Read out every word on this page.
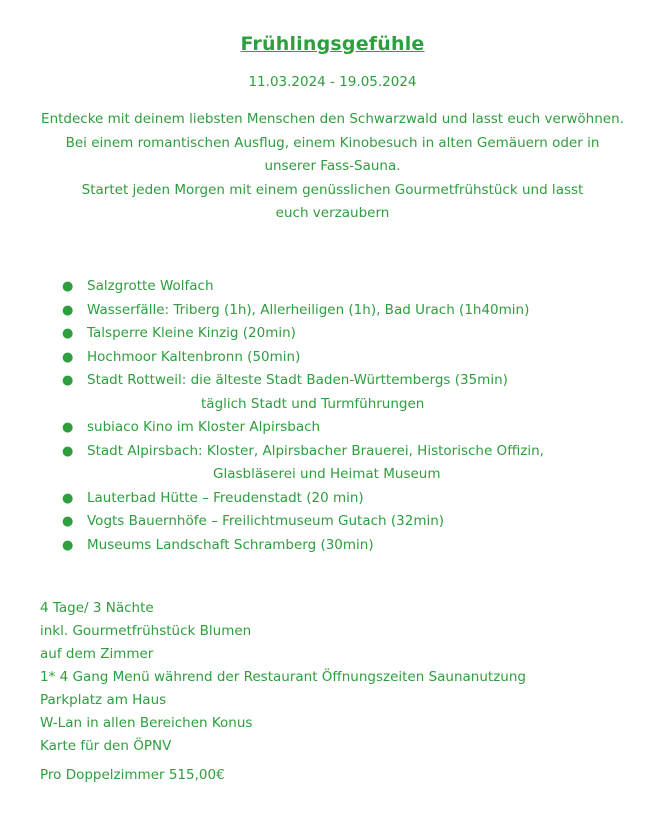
Frühlingsgefühle
11.03.2024 - 19.05.2024

Entdecke mit deinem liebsten Menschen den Schwarzwald und lasst euch verwöhnen. Bei einem romantischen Ausflug, einem Kinobesuch in alten Gemäuern oder in unserer Fass-Sauna.

Startet jeden Morgen mit einem genüsslichen Gourmetfrühstück und lasst euch verzaubern

● Salzgrotte Wolfach
● Wasserfälle: Triberg (1h), Allerheiligen (1h), Bad Urach (1h40min)
● Talsperre Kleine Kinzig (20min)
● Hochmoor Kaltenbronn (50min)
● Stadt Rottweil: die älteste Stadt Baden-Württembergs (35min)
täglich Stadt und Turmführungen
● subiaco Kino im Kloster Alpirsbach
● Stadt Alpirsbach: Kloster, Alpirsbacher Brauerei, Historische Offizin,
Glasbläserei und Heimat Museum
● Lauterbad Hütte – Freudenstadt (20 min)
● Vogts Bauernhöfe – Freilichtmuseum Gutach (32min)
● Museums Landschaft Schramberg (30min)
4 Tage/ 3 Nächte
inkl. Gourmetfrühstück Blumen
auf dem Zimmer
1* 4 Gang Menü während der Restaurant Öffnungszeiten Saunanutzung
Parkplatz am Haus
W-Lan in allen Bereichen Konus
Karte für den ÖPNV
Pro Doppelzimmer 515,00€
